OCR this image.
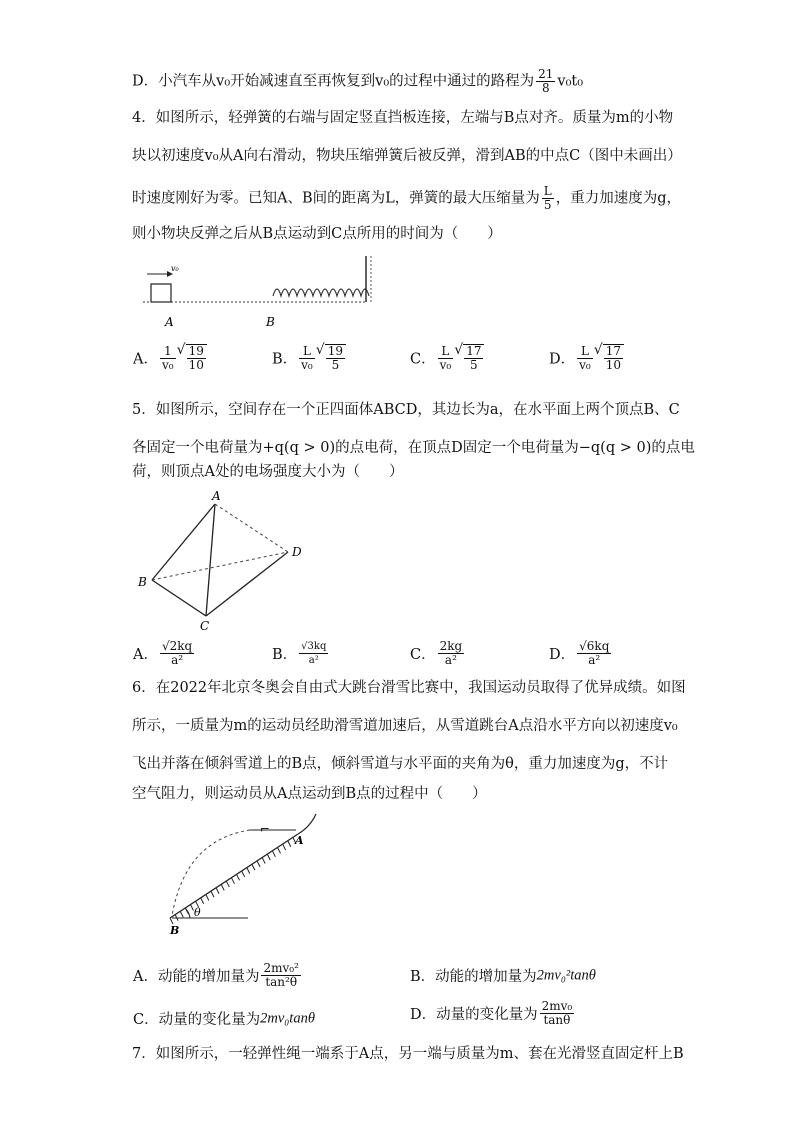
D．小汽车从v₀开始减速直至再恢复到v₀的过程中通过的路程为 $\frac{21}{8} v_0t_0$
4．如图所示，轻弹簧的右端与固定竖直挡板连接，左端与B点对齐。质量为m的小物
块以初速度v₀从A向右滑动，物块压缩弹簧后被反弹，滑到AB的中点C（图中未画出）
时速度刚好为零。已知A、B间的距离为L，弹簧的最大压缩量为 $\frac{L}{5}$ ，重力加速度为g，
则小物块反弹之后从B点运动到C点所用的时间为（　　）
v₀
A	B
A． $\frac{1}{\text{v₀}}$ √ $\frac{19}{10}$	B． $\frac{L}{\text{v₀}}$ √ $\frac{19}{5}$	C． $\frac{L}{\text{v₀}}$ √ $\frac{17}{5}$	D． $\frac{L}{\text{v₀}}$ √ $\frac{17}{10}$
5．如图所示，空间存在一个正四面体ABCD，其边长为a，在水平面上两个顶点B、C
各固定一个电荷量为+q(q > 0)的点电荷，在顶点D固定一个电荷量为−q(q > 0)的点电
荷，则顶点A处的电场强度大小为（　　）
A
B
C
D
A． $\frac{√2kq}{\text{a²}}$	B． $\frac{√3kq}{\text{a²}}$	C． $\frac{2kg}{\text{a²}}$	D． $\frac{√6kq}{\text{a²}}$
6．在2022年北京冬奥会自由式大跳台滑雪比赛中，我国运动员取得了优异成绩。如图
所示，一质量为m的运动员经助滑雪道加速后，从雪道跳台A点沿水平方向以初速度v₀
飞出并落在倾斜雪道上的B点，倾斜雪道与水平面的夹角为θ，重力加速度为g，不计
空气阻力，则运动员从A点运动到B点的过程中（　　）
θ
A
B
⌐
A．动能的增加量为 $\frac{\text{2mv₀²}}{\text{tan²θ}}$	B．动能的增加量为2mv₀²tanθ
C．动量的变化量为2mv₀tanθ	D．动量的变化量为 $\frac{\text{2mv₀}}{\tan\theta}$
7．如图所示，一轻弹性绳一端系于A点，另一端与质量为m、套在光滑竖直固定杆上B
